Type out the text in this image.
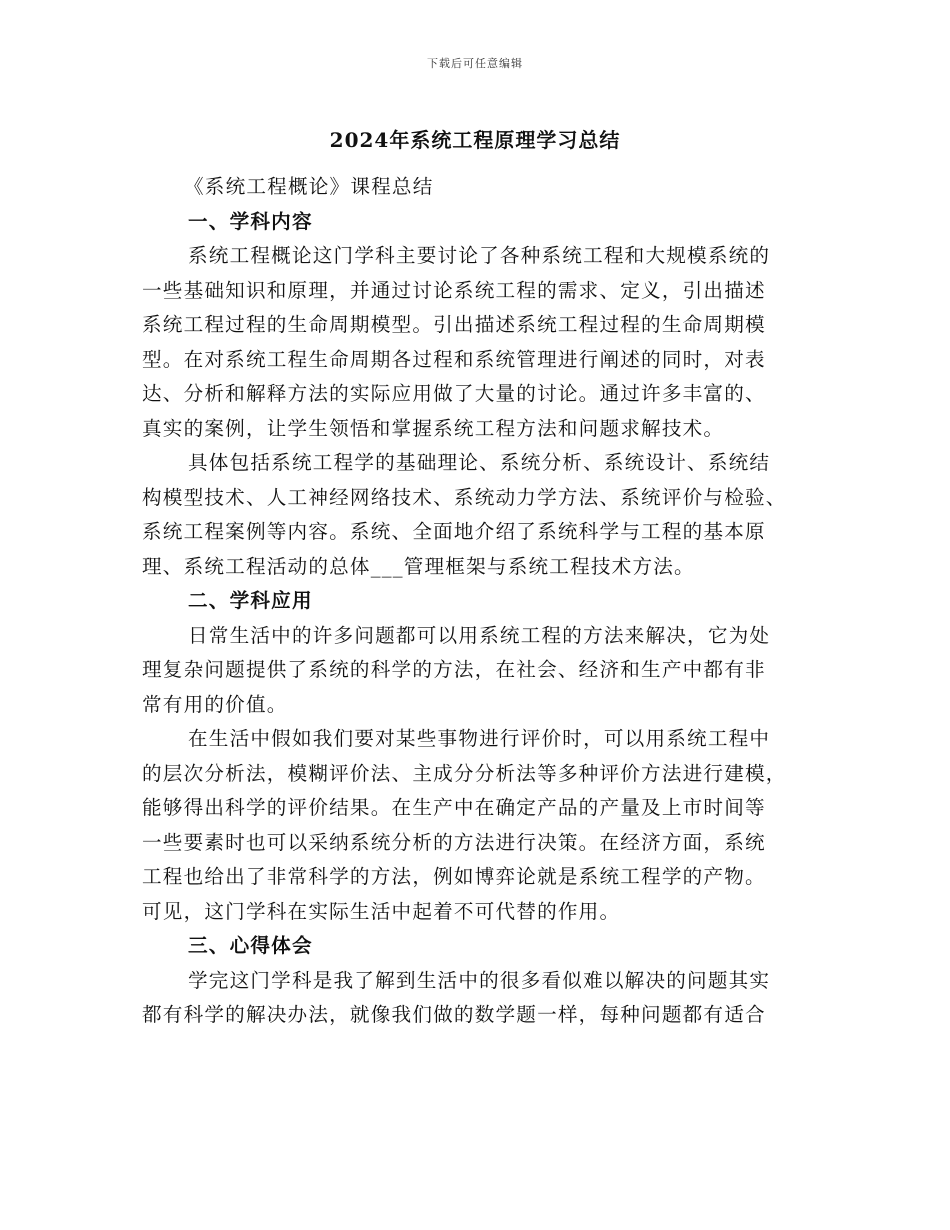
下载后可任意编辑
2024年系统工程原理学习总结

《系统工程概论》课程总结

一、学科内容

系统工程概论这门学科主要讨论了各种系统工程和大规模系统的
一些基础知识和原理，并通过讨论系统工程的需求、定义，引出描述
系统工程过程的生命周期模型。引出描述系统工程过程的生命周期模
型。在对系统工程生命周期各过程和系统管理进行阐述的同时，对表
达、分析和解释方法的实际应用做了大量的讨论。通过许多丰富的、
真实的案例，让学生领悟和掌握系统工程方法和问题求解技术。
具体包括系统工程学的基础理论、系统分析、系统设计、系统结
构模型技术、人工神经网络技术、系统动力学方法、系统评价与检验、
系统工程案例等内容。系统、全面地介绍了系统科学与工程的基本原
理、系统工程活动的总体___管理框架与系统工程技术方法。

二、学科应用

日常生活中的许多问题都可以用系统工程的方法来解决，它为处
理复杂问题提供了系统的科学的方法，在社会、经济和生产中都有非
常有用的价值。
在生活中假如我们要对某些事物进行评价时，可以用系统工程中
的层次分析法，模糊评价法、主成分分析法等多种评价方法进行建模，
能够得出科学的评价结果。在生产中在确定产品的产量及上市时间等
一些要素时也可以采纳系统分析的方法进行决策。在经济方面，系统
工程也给出了非常科学的方法，例如博弈论就是系统工程学的产物。
可见，这门学科在实际生活中起着不可代替的作用。

三、心得体会

学完这门学科是我了解到生活中的很多看似难以解决的问题其实
都有科学的解决办法，就像我们做的数学题一样，每种问题都有适合
